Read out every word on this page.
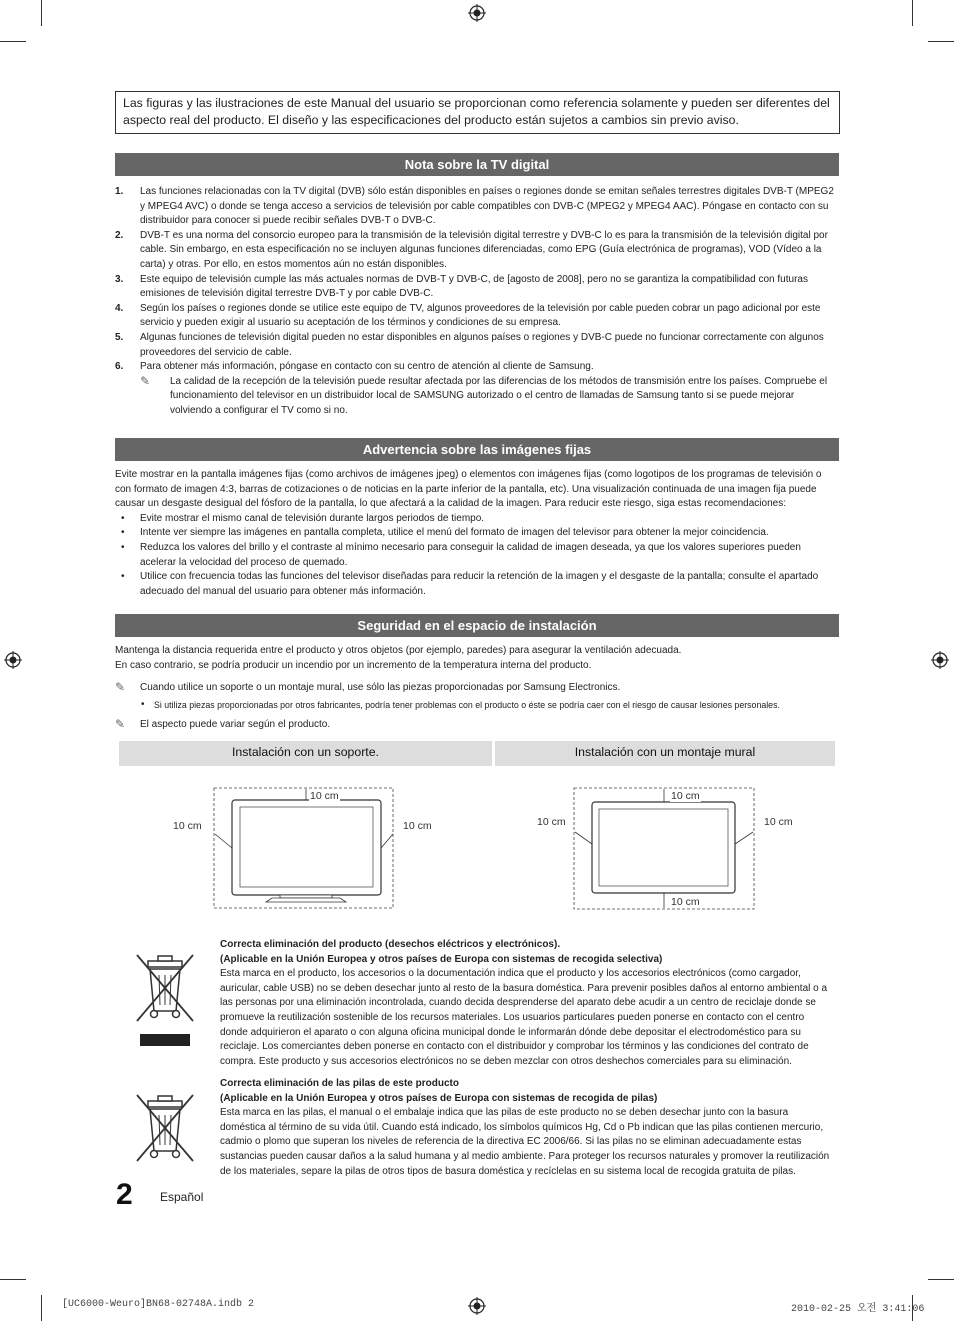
Las figuras y las ilustraciones de este Manual del usuario se proporcionan como referencia solamente y pueden ser diferentes del aspecto real del producto. El diseño y las especificaciones del producto están sujetos a cambios sin previo aviso.
Nota sobre la TV digital
1. Las funciones relacionadas con la TV digital (DVB) sólo están disponibles en países o regiones donde se emitan señales terrestres digitales DVB-T (MPEG2 y MPEG4 AVC) o donde se tenga acceso a servicios de televisión por cable compatibles con DVB-C (MPEG2 y MPEG4 AAC). Póngase en contacto con su distribuidor para conocer si puede recibir señales DVB-T o DVB-C.
2. DVB-T es una norma del consorcio europeo para la transmisión de la televisión digital terrestre y DVB-C lo es para la transmisión de la televisión digital por cable. Sin embargo, en esta especificación no se incluyen algunas funciones diferenciadas, como EPG (Guía electrónica de programas), VOD (Vídeo a la carta) y otras. Por ello, en estos momentos aún no están disponibles.
3. Este equipo de televisión cumple las más actuales normas de DVB-T y DVB-C, de [agosto de 2008], pero no se garantiza la compatibilidad con futuras emisiones de televisión digital terrestre DVB-T y por cable DVB-C.
4. Según los países o regiones donde se utilice este equipo de TV, algunos proveedores de la televisión por cable pueden cobrar un pago adicional por este servicio y pueden exigir al usuario su aceptación de los términos y condiciones de su empresa.
5. Algunas funciones de televisión digital pueden no estar disponibles en algunos países o regiones y DVB-C puede no funcionar correctamente con algunos proveedores del servicio de cable.
6. Para obtener más información, póngase en contacto con su centro de atención al cliente de Samsung.
✎	La calidad de la recepción de la televisión puede resultar afectada por las diferencias de los métodos de transmisión entre los países. Compruebe el funcionamiento del televisor en un distribuidor local de SAMSUNG autorizado o el centro de llamadas de Samsung tanto si se puede mejorar volviendo a configurar el TV como si no.
Advertencia sobre las imágenes fijas
Evite mostrar en la pantalla imágenes fijas (como archivos de imágenes jpeg) o elementos con imágenes fijas (como logotipos de los programas de televisión o con formato de imagen 4:3, barras de cotizaciones o de noticias en la parte inferior de la pantalla, etc). Una visualización continuada de una imagen fija puede causar un desgaste desigual del fósforo de la pantalla, lo que afectará a la calidad de la imagen. Para reducir este riesgo, siga estas recomendaciones:
• Evite mostrar el mismo canal de televisión durante largos periodos de tiempo.
• Intente ver siempre las imágenes en pantalla completa, utilice el menú del formato de imagen del televisor para obtener la mejor coincidencia.
• Reduzca los valores del brillo y el contraste al mínimo necesario para conseguir la calidad de imagen deseada, ya que los valores superiores pueden acelerar la velocidad del proceso de quemado.
• Utilice con frecuencia todas las funciones del televisor diseñadas para reducir la retención de la imagen y el desgaste de la pantalla; consulte el apartado adecuado del manual del usuario para obtener más información.
Seguridad en el espacio de instalación
Mantenga la distancia requerida entre el producto y otros objetos (por ejemplo, paredes) para asegurar la ventilación adecuada.
En caso contrario, se podría producir un incendio por un incremento de la temperatura interna del producto.
✎	Cuando utilice un soporte o un montaje mural, use sólo las piezas proporcionadas por Samsung Electronics.
• Si utiliza piezas proporcionadas por otros fabricantes, podría tener problemas con el producto o éste se podría caer con el riesgo de causar lesiones personales.
✎	El aspecto puede variar según el producto.
Instalación con un soporte.	Instalación con un montaje mural
10 cm
10 cm	10 cm
10 cm
10 cm	10 cm
10 cm
Correcta eliminación del producto (desechos eléctricos y electrónicos).
(Aplicable en la Unión Europea y otros países de Europa con sistemas de recogida selectiva)
Esta marca en el producto, los accesorios o la documentación indica que el producto y los accesorios electrónicos (como cargador, auricular, cable USB) no se deben desechar junto al resto de la basura doméstica. Para prevenir posibles daños al entorno ambiental o a las personas por una eliminación incontrolada, cuando decida desprenderse del aparato debe acudir a un centro de reciclaje donde se promueve la reutilización sostenible de los recursos materiales. Los usuarios particulares pueden ponerse en contacto con el centro donde adquirieron el aparato o con alguna oficina municipal donde le informarán dónde debe depositar el electrodoméstico para su reciclaje. Los comerciantes deben ponerse en contacto con el distribuidor y comprobar los términos y las condiciones del contrato de compra. Este producto y sus accesorios electrónicos no se deben mezclar con otros deshechos comerciales para su eliminación.
Correcta eliminación de las pilas de este producto
(Aplicable en la Unión Europea y otros países de Europa con sistemas de recogida de pilas)
Esta marca en las pilas, el manual o el embalaje indica que las pilas de este producto no se deben desechar junto con la basura doméstica al término de su vida útil. Cuando está indicado, los símbolos químicos Hg, Cd o Pb indican que las pilas contienen mercurio, cadmio o plomo que superan los niveles de referencia de la directiva EC 2006/66. Si las pilas no se eliminan adecuadamente estas sustancias pueden causar daños a la salud humana y al medio ambiente. Para proteger los recursos naturales y promover la reutilización de los materiales, separe la pilas de otros tipos de basura doméstica y recíclelas en su sistema local de recogida gratuita de pilas.
2 Español
[UC6000-Weuro]BN68-02748A.indb 2	2010-02-25 오전 3:41:06
